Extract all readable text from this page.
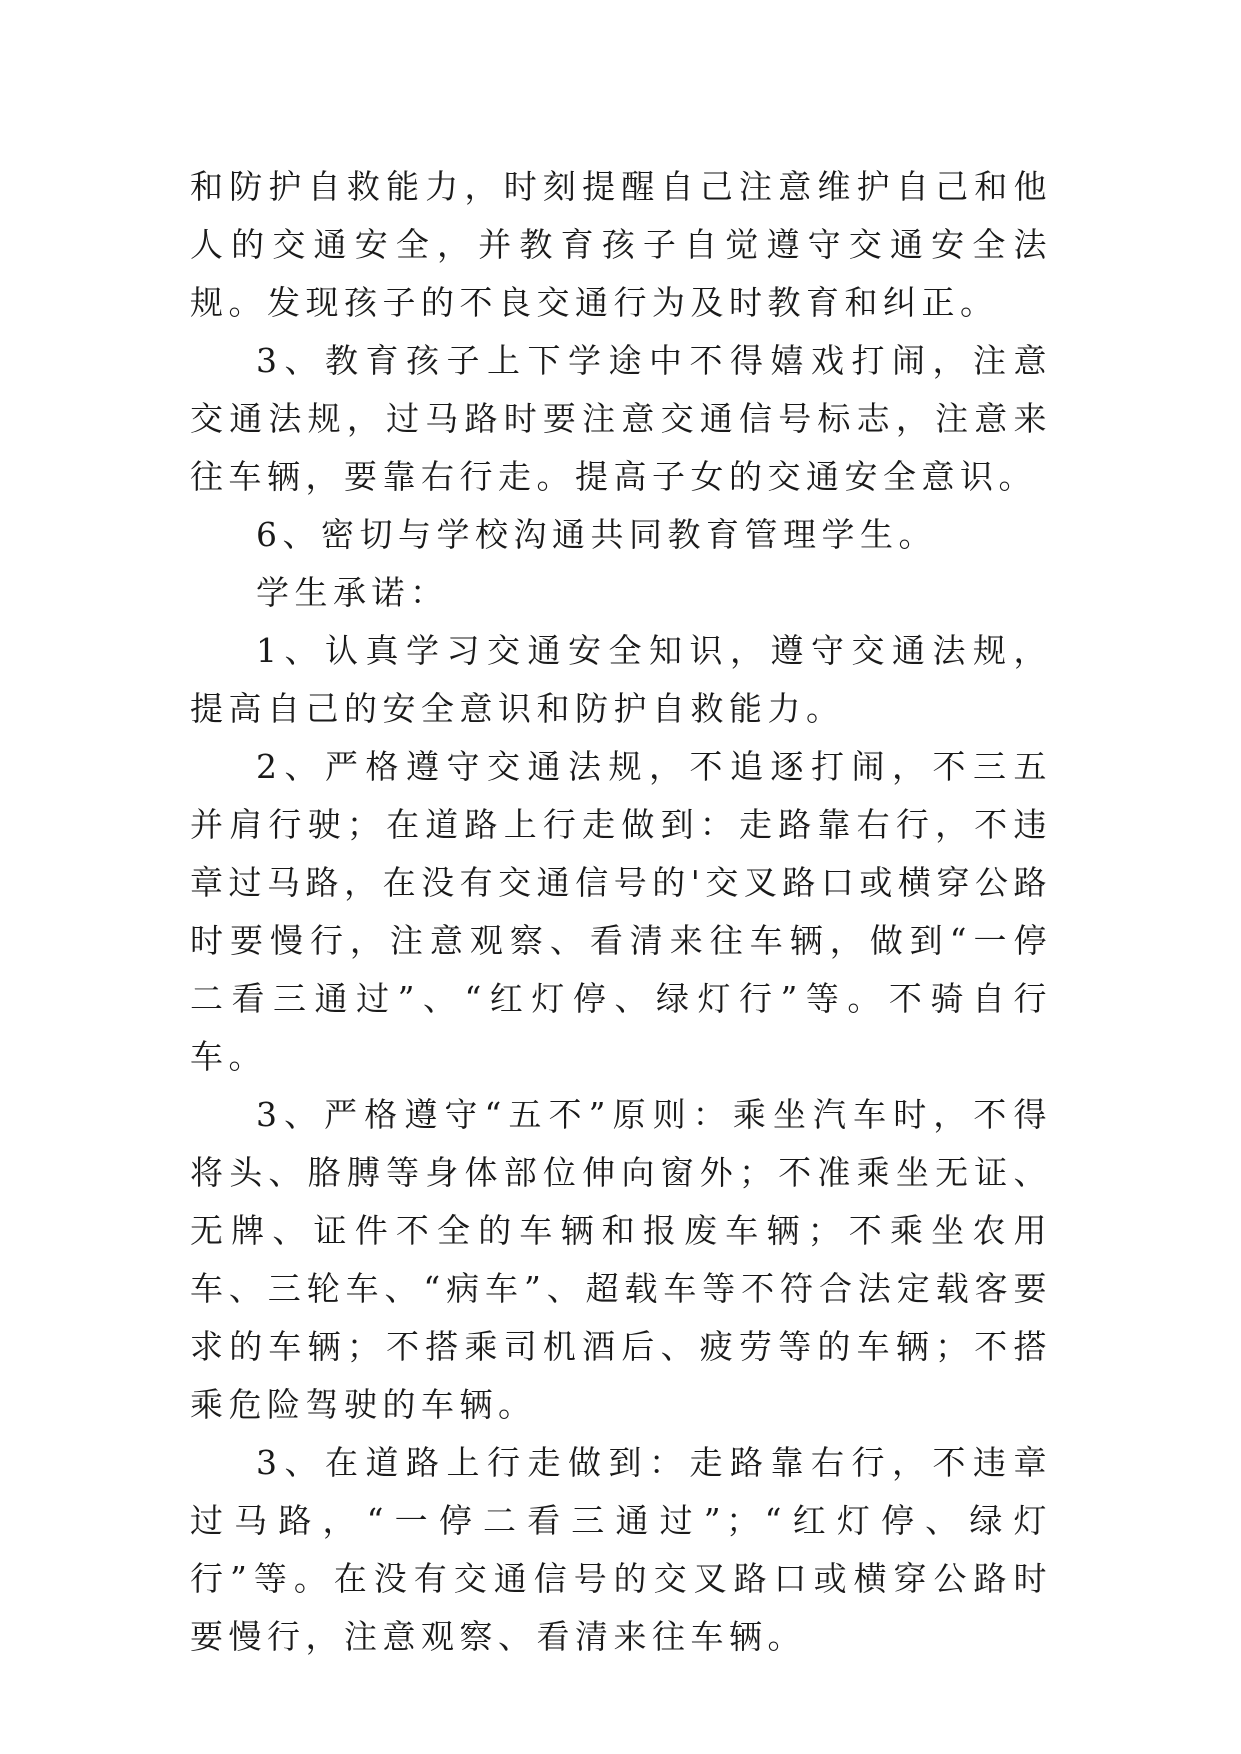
和防护自救能力，时刻提醒自己注意维护自己和他人的交通安全，并教育孩子自觉遵守交通安全法规。发现孩子的不良交通行为及时教育和纠正。

3、教育孩子上下学途中不得嬉戏打闹，注意交通法规，过马路时要注意交通信号标志，注意来往车辆，要靠右行走。提高子女的交通安全意识。

6、密切与学校沟通共同教育管理学生。

学生承诺：

1、认真学习交通安全知识，遵守交通法规，提高自己的安全意识和防护自救能力。

2、严格遵守交通法规，不追逐打闹，不三五并肩行驶；在道路上行走做到：走路靠右行，不违章过马路，在没有交通信号的'交叉路口或横穿公路时要慢行，注意观察、看清来往车辆，做到“一停二看三通过”、“红灯停、绿灯行”等。不骑自行车。

3、严格遵守“五不”原则：乘坐汽车时，不得将头、胳膊等身体部位伸向窗外；不准乘坐无证、无牌、证件不全的车辆和报废车辆；不乘坐农用车、三轮车、“病车”、超载车等不符合法定载客要求的车辆；不搭乘司机酒后、疲劳等的车辆；不搭乘危险驾驶的车辆。

3、在道路上行走做到：走路靠右行，不违章过马路，“一停二看三通过”；“红灯停、绿灯行”等。在没有交通信号的交叉路口或横穿公路时要慢行，注意观察、看清来往车辆。
